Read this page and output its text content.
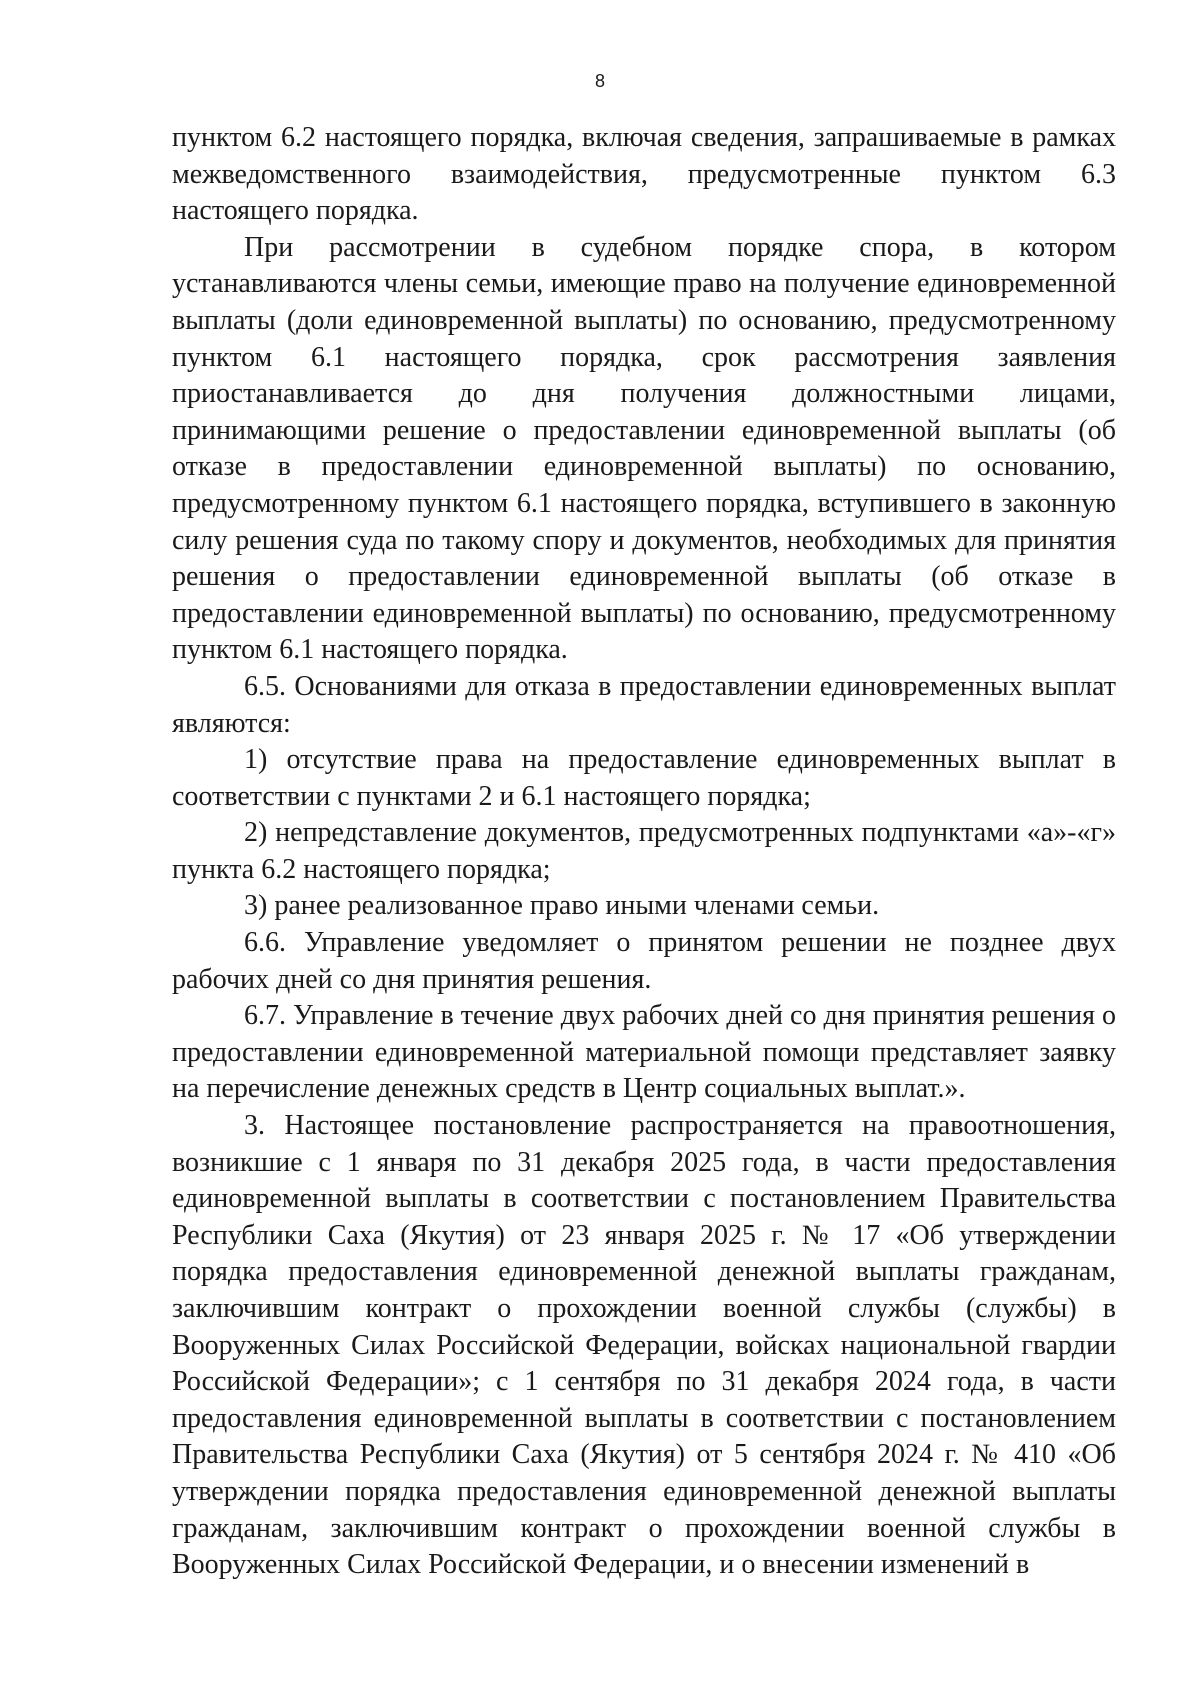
8

пунктом 6.2 настоящего порядка, включая сведения, запрашиваемые в рамках межведомственного взаимодействия, предусмотренные пунктом 6.3 настоящего порядка.

При рассмотрении в судебном порядке спора, в котором устанавливаются члены семьи, имеющие право на получение единовременной выплаты (доли единовременной выплаты) по основанию, предусмотренному пунктом 6.1 настоящего порядка, срок рассмотрения заявления приостанавливается до дня получения должностными лицами, принимающими решение о предоставлении единовременной выплаты (об отказе в предоставлении единовременной выплаты) по основанию, предусмотренному пунктом 6.1 настоящего порядка, вступившего в законную силу решения суда по такому спору и документов, необходимых для принятия решения о предоставлении единовременной выплаты (об отказе в предоставлении единовременной выплаты) по основанию, предусмотренному пунктом 6.1 настоящего порядка.

6.5. Основаниями для отказа в предоставлении единовременных выплат являются:

1) отсутствие права на предоставление единовременных выплат в соответствии с пунктами 2 и 6.1 настоящего порядка;

2) непредставление документов, предусмотренных подпунктами «а»-«г» пункта 6.2 настоящего порядка;

3) ранее реализованное право иными членами семьи.

6.6. Управление уведомляет о принятом решении не позднее двух рабочих дней со дня принятия решения.

6.7. Управление в течение двух рабочих дней со дня принятия решения о предоставлении единовременной материальной помощи представляет заявку на перечисление денежных средств в Центр социальных выплат.».

3. Настоящее постановление распространяется на правоотношения, возникшие с 1 января по 31 декабря 2025 года, в части предоставления единовременной выплаты в соответствии с постановлением Правительства Республики Саха (Якутия) от 23 января 2025 г. № 17 «Об утверждении порядка предоставления единовременной денежной выплаты гражданам, заключившим контракт о прохождении военной службы (службы) в Вооруженных Силах Российской Федерации, войсках национальной гвардии Российской Федерации»; с 1 сентября по 31 декабря 2024 года, в части предоставления единовременной выплаты в соответствии с постановлением Правительства Республики Саха (Якутия) от 5 сентября 2024 г. № 410 «Об утверждении порядка предоставления единовременной денежной выплаты гражданам, заключившим контракт о прохождении военной службы в Вооруженных Силах Российской Федерации, и о внесении изменений в
